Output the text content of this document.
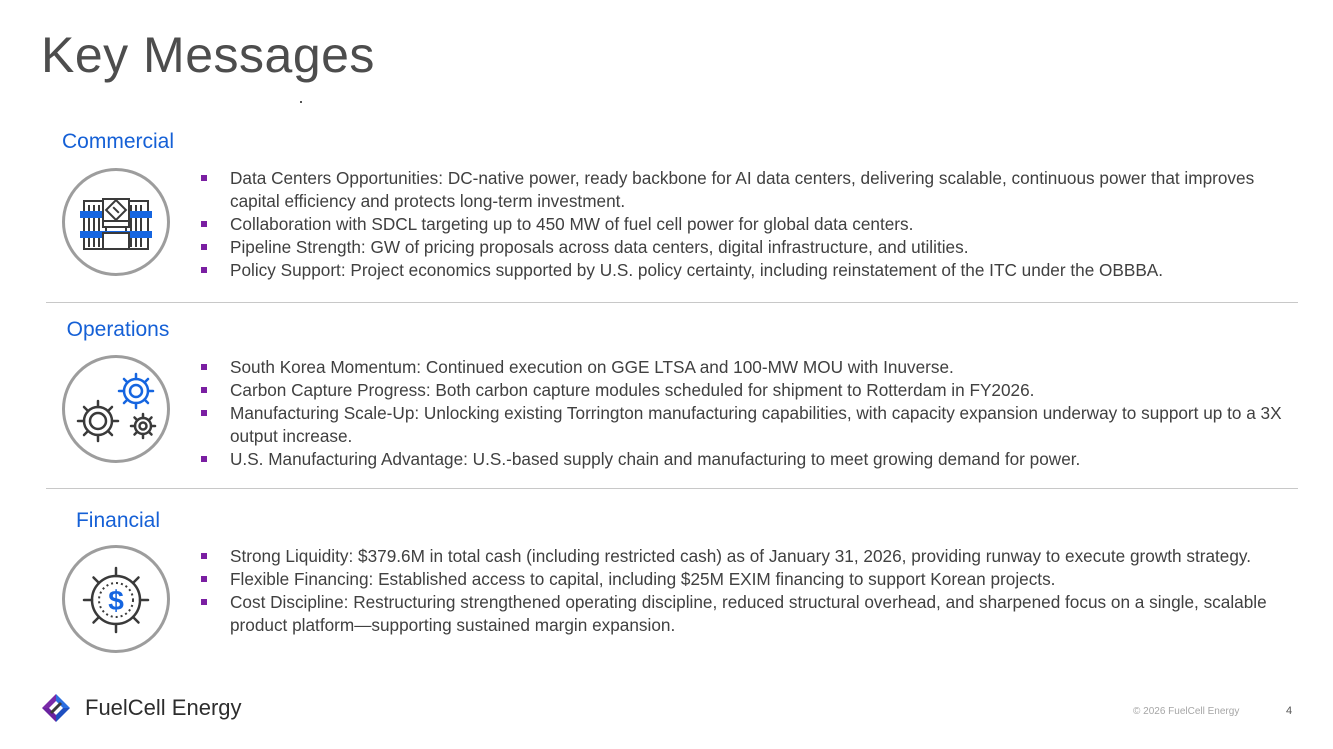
Key Messages
Commercial
Data Centers Opportunities: DC-native power, ready backbone for AI data centers, delivering scalable, continuous power that improves capital efficiency and protects long-term investment.
Collaboration with SDCL targeting up to 450 MW of fuel cell power for global data centers.
Pipeline Strength: GW of pricing proposals across data centers, digital infrastructure, and utilities.
Policy Support: Project economics supported by U.S. policy certainty, including reinstatement of the ITC under the OBBBA.
Operations
South Korea Momentum: Continued execution on GGE LTSA and 100-MW MOU with Inuverse.
Carbon Capture Progress: Both carbon capture modules scheduled for shipment to Rotterdam in FY2026.
Manufacturing Scale-Up: Unlocking existing Torrington manufacturing capabilities, with capacity expansion underway to support up to a 3X output increase.
U.S. Manufacturing Advantage: U.S.-based supply chain and manufacturing to meet growing demand for power.
Financial
$
Strong Liquidity: $379.6M in total cash (including restricted cash) as of January 31, 2026, providing runway to execute growth strategy.
Flexible Financing: Established access to capital, including $25M EXIM financing to support Korean projects.
Cost Discipline: Restructuring strengthened operating discipline, reduced structural overhead, and sharpened focus on a single, scalable product platform—supporting sustained margin expansion.
FuelCell Energy	© 2026 FuelCell Energy	4
